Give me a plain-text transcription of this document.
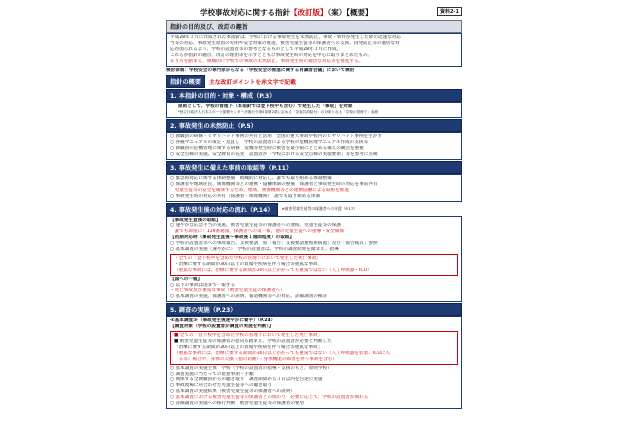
学校事故対応に関する指針【改訂版】（案）【概要】	資料2-1
指針の目的及び、改訂の趣旨
平成28年３月に作成された本指針は、学校における事故発生を未然防止、事故・事件が発生した際の迅速な対応
当等の対応、事故発生原因の究明や安全対策の推進、被害児童生徒等の保護者への支援、再発防止等の適切な対
応が図られるよう、学校の設置者等の参考となるものとして平成28年３月に作成。
これらが指針の趣旨、改訂の理由等を示すとともに事故発生時の対応を中心に取りまとめたもの。
在り方を踏まえ、組織的に学校での事故の未然防止、事故発生時の適切な対応等を推進する。
検討体制：学校安全の専門家からなる「学校安全の推進に関する有識者会議」において検討
指針の概要	主な改訂ポイントを赤文字で記載
1. 本指針の目的・対象・構成（P.3）
原則として、学校の管理下（本指針では登下校中も含む）で発生した「事故」を対象
*独立行政法人日本スポーツ振興センター法施行令第5条第2項に定める「災害共済給付」の対象となる「学校の管理下」参照
2. 事故発生の未然防止（P.5）
○ 教職員の研修・ヒヤリハット事例の共有と活用　全国の重大事故や校内のヒヤリハット事例を生かす
○ 各種マニュアルの策定・見直し　学校の設置者による学校の危機管理マニュアル作成の支援等
○ 教職員の危機管理に関する研修　危機等発生時に被害を最小限にとどめる備えの観点を重視
○ 安全点検の実施、安全教育の充実　設置者が「学校における安全点検の実施要領」等を参考に点検
3. 事故発生に備えた事前の取組等（P.11）
○ 緊急時対応に関する体制整備　組織的に対応し、誰でも取り組める体制整備
○ 保護者や地域住民、関係機関等との連携・協働体制の整備　保護者と事故発生時の対応を事前共有
　児童生徒等の安全を確保するため、地域、関係機関等との連携協働による取組を推進
○ 事故発生時の対応の共有（保護者・関係機関）　誰でも取り組める体制
4. 事故発生後の対応の流れ（P.14）	※被害児童生徒等の保護者への支援（P.17）
【事故発生直後の取組】
○ 速やかな応急手当の実施、被害児童生徒等の保護者への連絡、児童生徒等の保護
　誰でも即座に！119番通報、保護者への第一報、他の児童生徒への指導・安全確保
【初期対応時（事故発生直後〜事故後１週間程度）の取組】
○ 学校の設置者等への事故報告、支援要請　県「報告」支援要請連絡系統図」及び「報告様式」参照
○ 基本調査の実施（速やかに）　学校の設置者は、学校の調査結果を踏まえ、指導
・全ての「登下校中を含めた学校の管理下において発生した死亡事故」
・治療に要する期間が30日以上の負傷や疾病を伴う場合等重篤な事故
（重篤な事故には、治療に要する期間が30日以上かかっても重篤ではない（人工呼吸器・ICU）
【国への一報】
○ 以下の事故は国まで一報する
・死亡事故及び重篤な事故（被害児童生徒の保護者へ）
○ 基本調査の実施、保護者への説明、報道機関等への対応、詳細調査の検討
5. 調査の実施（P.23）
≪基本調査≫（事故発生後速やかに着手）（P.24）
【調査対象（学校の設置者が調査の実施を判断）】
■ 全ての「登下校中を含めた学校の管理下において発生した死亡事故」
■ 被害児童生徒等の保護者の意向も踏まえ、学校の設置者が必要と判断した
「治療に要する期間が30日以上の負傷や疾病を伴う場合等重篤な事故」
（重篤な事故には、治療に要する期間が30日以上かかっても重篤ではない（人工呼吸器を装着、ICUに入
　る等）場合や、身体の欠損（指の切断）・身体機能の障害を伴う事故を含む）
○ 基本調査の実施主体　学校（学校の設置者の指導・支援のもと、原則学校）
○ 調査実施に当たっての留意事項・手順
○ 関係する全教職員からの聴き取り　調査期間から３日以内を目途に実施
○ 事故現場に居合わせた児童生徒等への聴き取り
○ 基本調査の実施結果（被害児童生徒等の保護者への説明）
○ 基本調査における被害児童生徒等の保護者との関わり　必要に応じて、学校の設置者が関わる
○ 詳細調査の実施への移行判断　被害児童生徒等の保護者の要望
